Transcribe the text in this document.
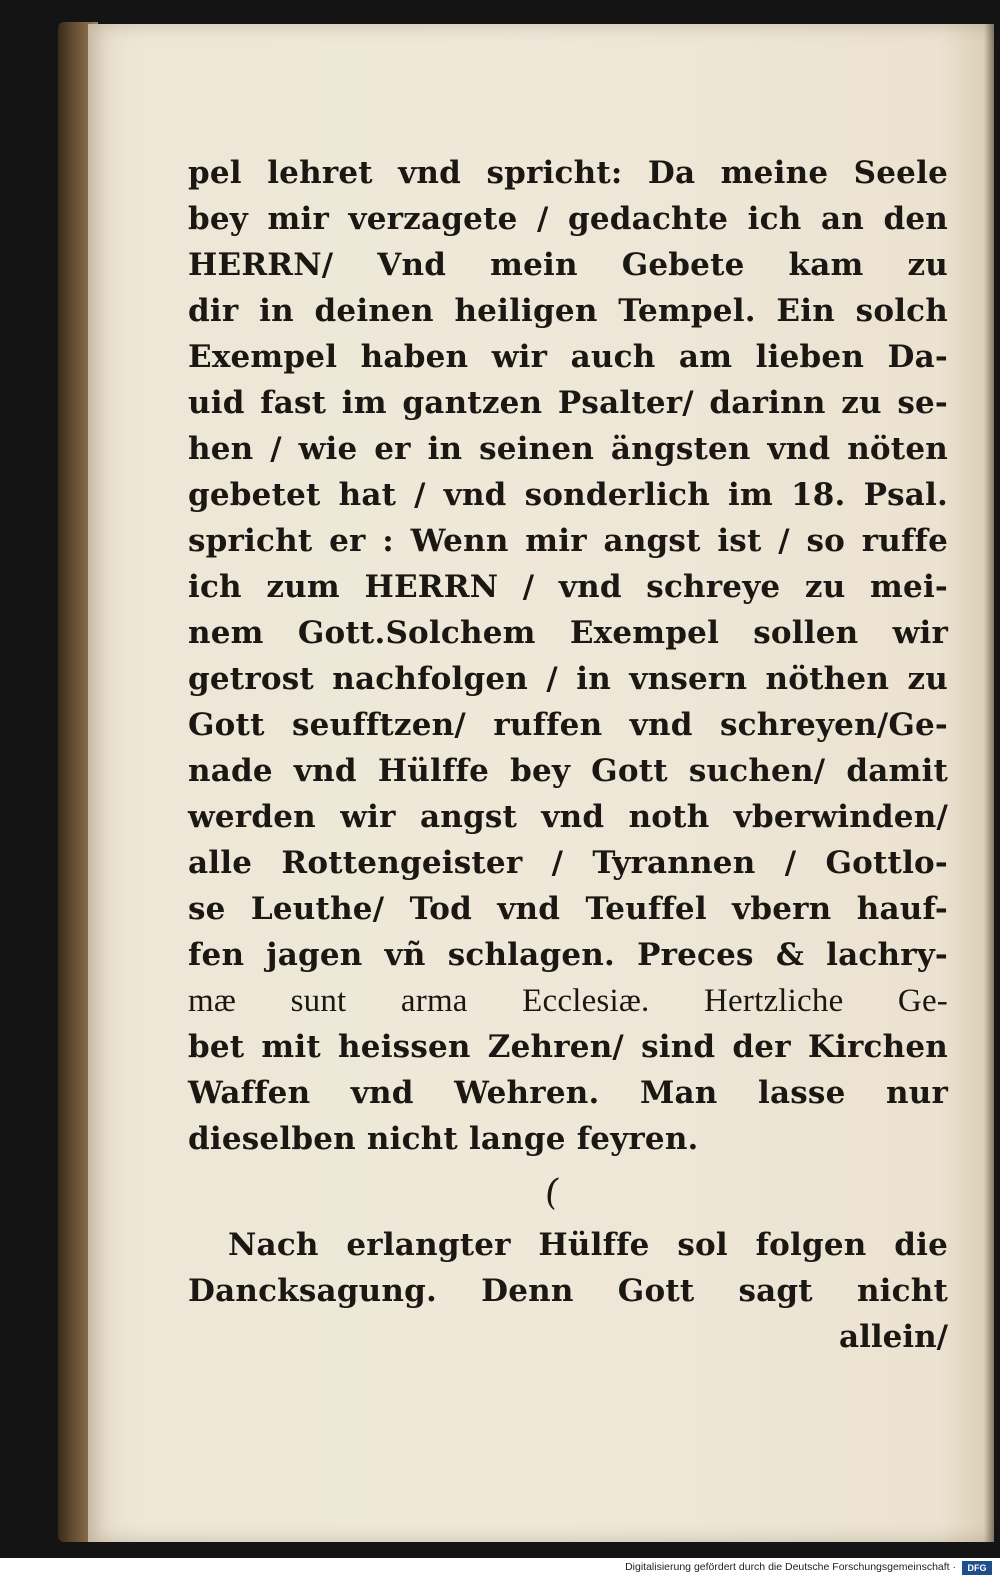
pel lehret vnd spricht: Da meine Seele
bey mir verzagete / gedachte ich an den
HERRN/ Vnd mein Gebete kam zu
dir in deinen heiligen Tempel. Ein solch
Exempel haben wir auch am lieben Da-
uid fast im gantzen Psalter/ darinn zu se-
hen / wie er in seinen ängsten vnd nöten
gebetet hat / vnd sonderlich im 18. Psal.
spricht er : Wenn mir angst ist / so ruffe
ich zum HERRN / vnd schreye zu mei-
nem Gott.Solchem Exempel sollen wir
getrost nachfolgen / in vnsern nöthen zu
Gott seufftzen/ ruffen vnd schreyen/Ge-
nade vnd Hülffe bey Gott suchen/ damit
werden wir angst vnd noth vberwinden/
alle Rottengeister / Tyrannen / Gottlo-
se Leuthe/ Tod vnd Teuffel vbern hauf-
fen jagen vñ schlagen. Preces & lachry-
mæ sunt arma Ecclesiæ. Hertzliche Ge-
bet mit heissen Zehren/ sind der Kirchen
Waffen vnd Wehren. Man lasse nur
dieselben nicht lange feyren.
(
Nach erlangter Hülffe sol folgen die
Dancksagung. Denn Gott sagt nicht
allein/
Digitalisierung gefördert durch die Deutsche Forschungsgemeinschaft ·	DFG
